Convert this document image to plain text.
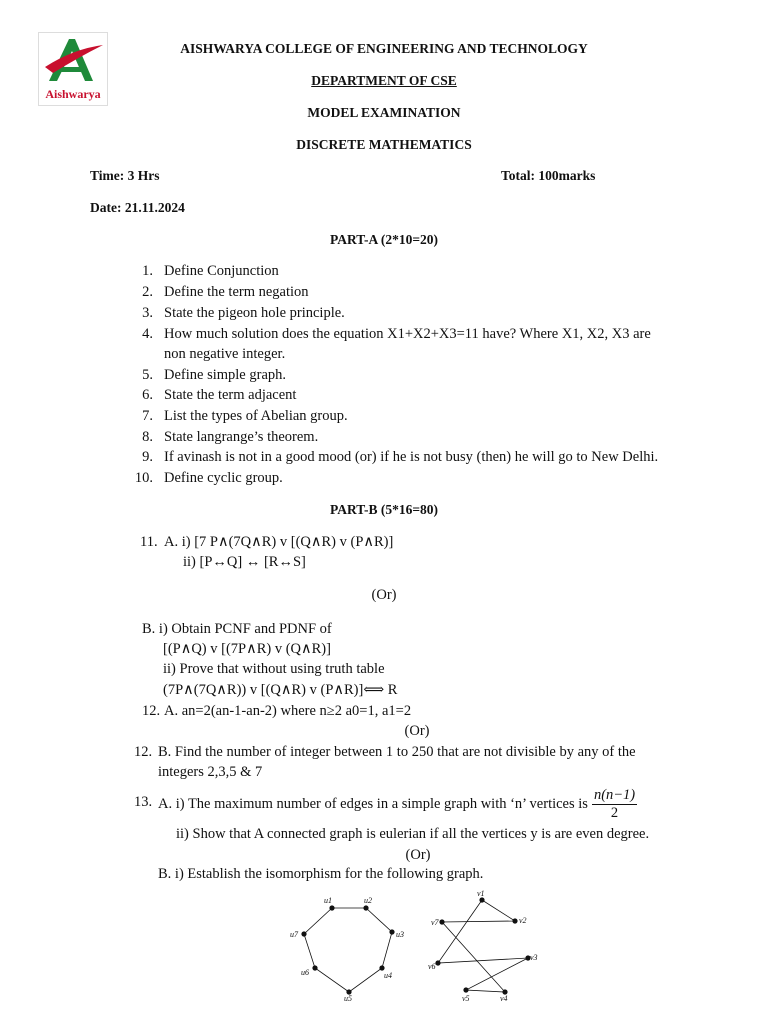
Aishwarya
AISHWARYA COLLEGE OF ENGINEERING AND TECHNOLOGY
DEPARTMENT OF CSE
MODEL EXAMINATION
DISCRETE MATHEMATICS
Time: 3 Hrs	Total: 100marks
Date: 21.11.2024
PART-A (2*10=20)
1. Define Conjunction
2. Define the term negation
3. State the pigeon hole principle.
4. How much solution does the equation X1+X2+X3=11 have? Where X1, X2, X3 are
non negative integer.
5. Define simple graph.
6. State the term adjacent
7. List the types of Abelian group.
8. State langrange’s theorem.
9. If avinash is not in a good mood (or) if he is not busy (then) he will go to New Delhi.
10. Define cyclic group.
PART-B (5*16=80)
11. A. i) [7 P∧(7Q∧R) v [(Q∧R) v (P∧R)]
ii) [P↔Q] ↔ [R↔S]
(Or)
B. i) Obtain PCNF and PDNF of
[(P∧Q) v [(7P∧R) v (Q∧R)]
ii) Prove that without using truth table
(7P∧(7Q∧R)) v [(Q∧R) v (P∧R)]⟺ R
12. A. an=2(an-1-an-2) where n≥2 a0=1, a1=2
(Or)
12. B. Find the number of integer between 1 to 250 that are not divisible by any of the
integers 2,3,5 & 7
13. A. i) The maximum number of edges in a simple graph with ‘n’ vertices is $\frac{n(n-1)}{2}$
ii) Show that A connected graph is eulerian if all the vertices y is are even degree.
(Or)
B. i) Establish the isomorphism for the following graph.
u1	u2
u3
u4
u5
u6
u7
v1
v2
v3
v4
v5
v6
v7
